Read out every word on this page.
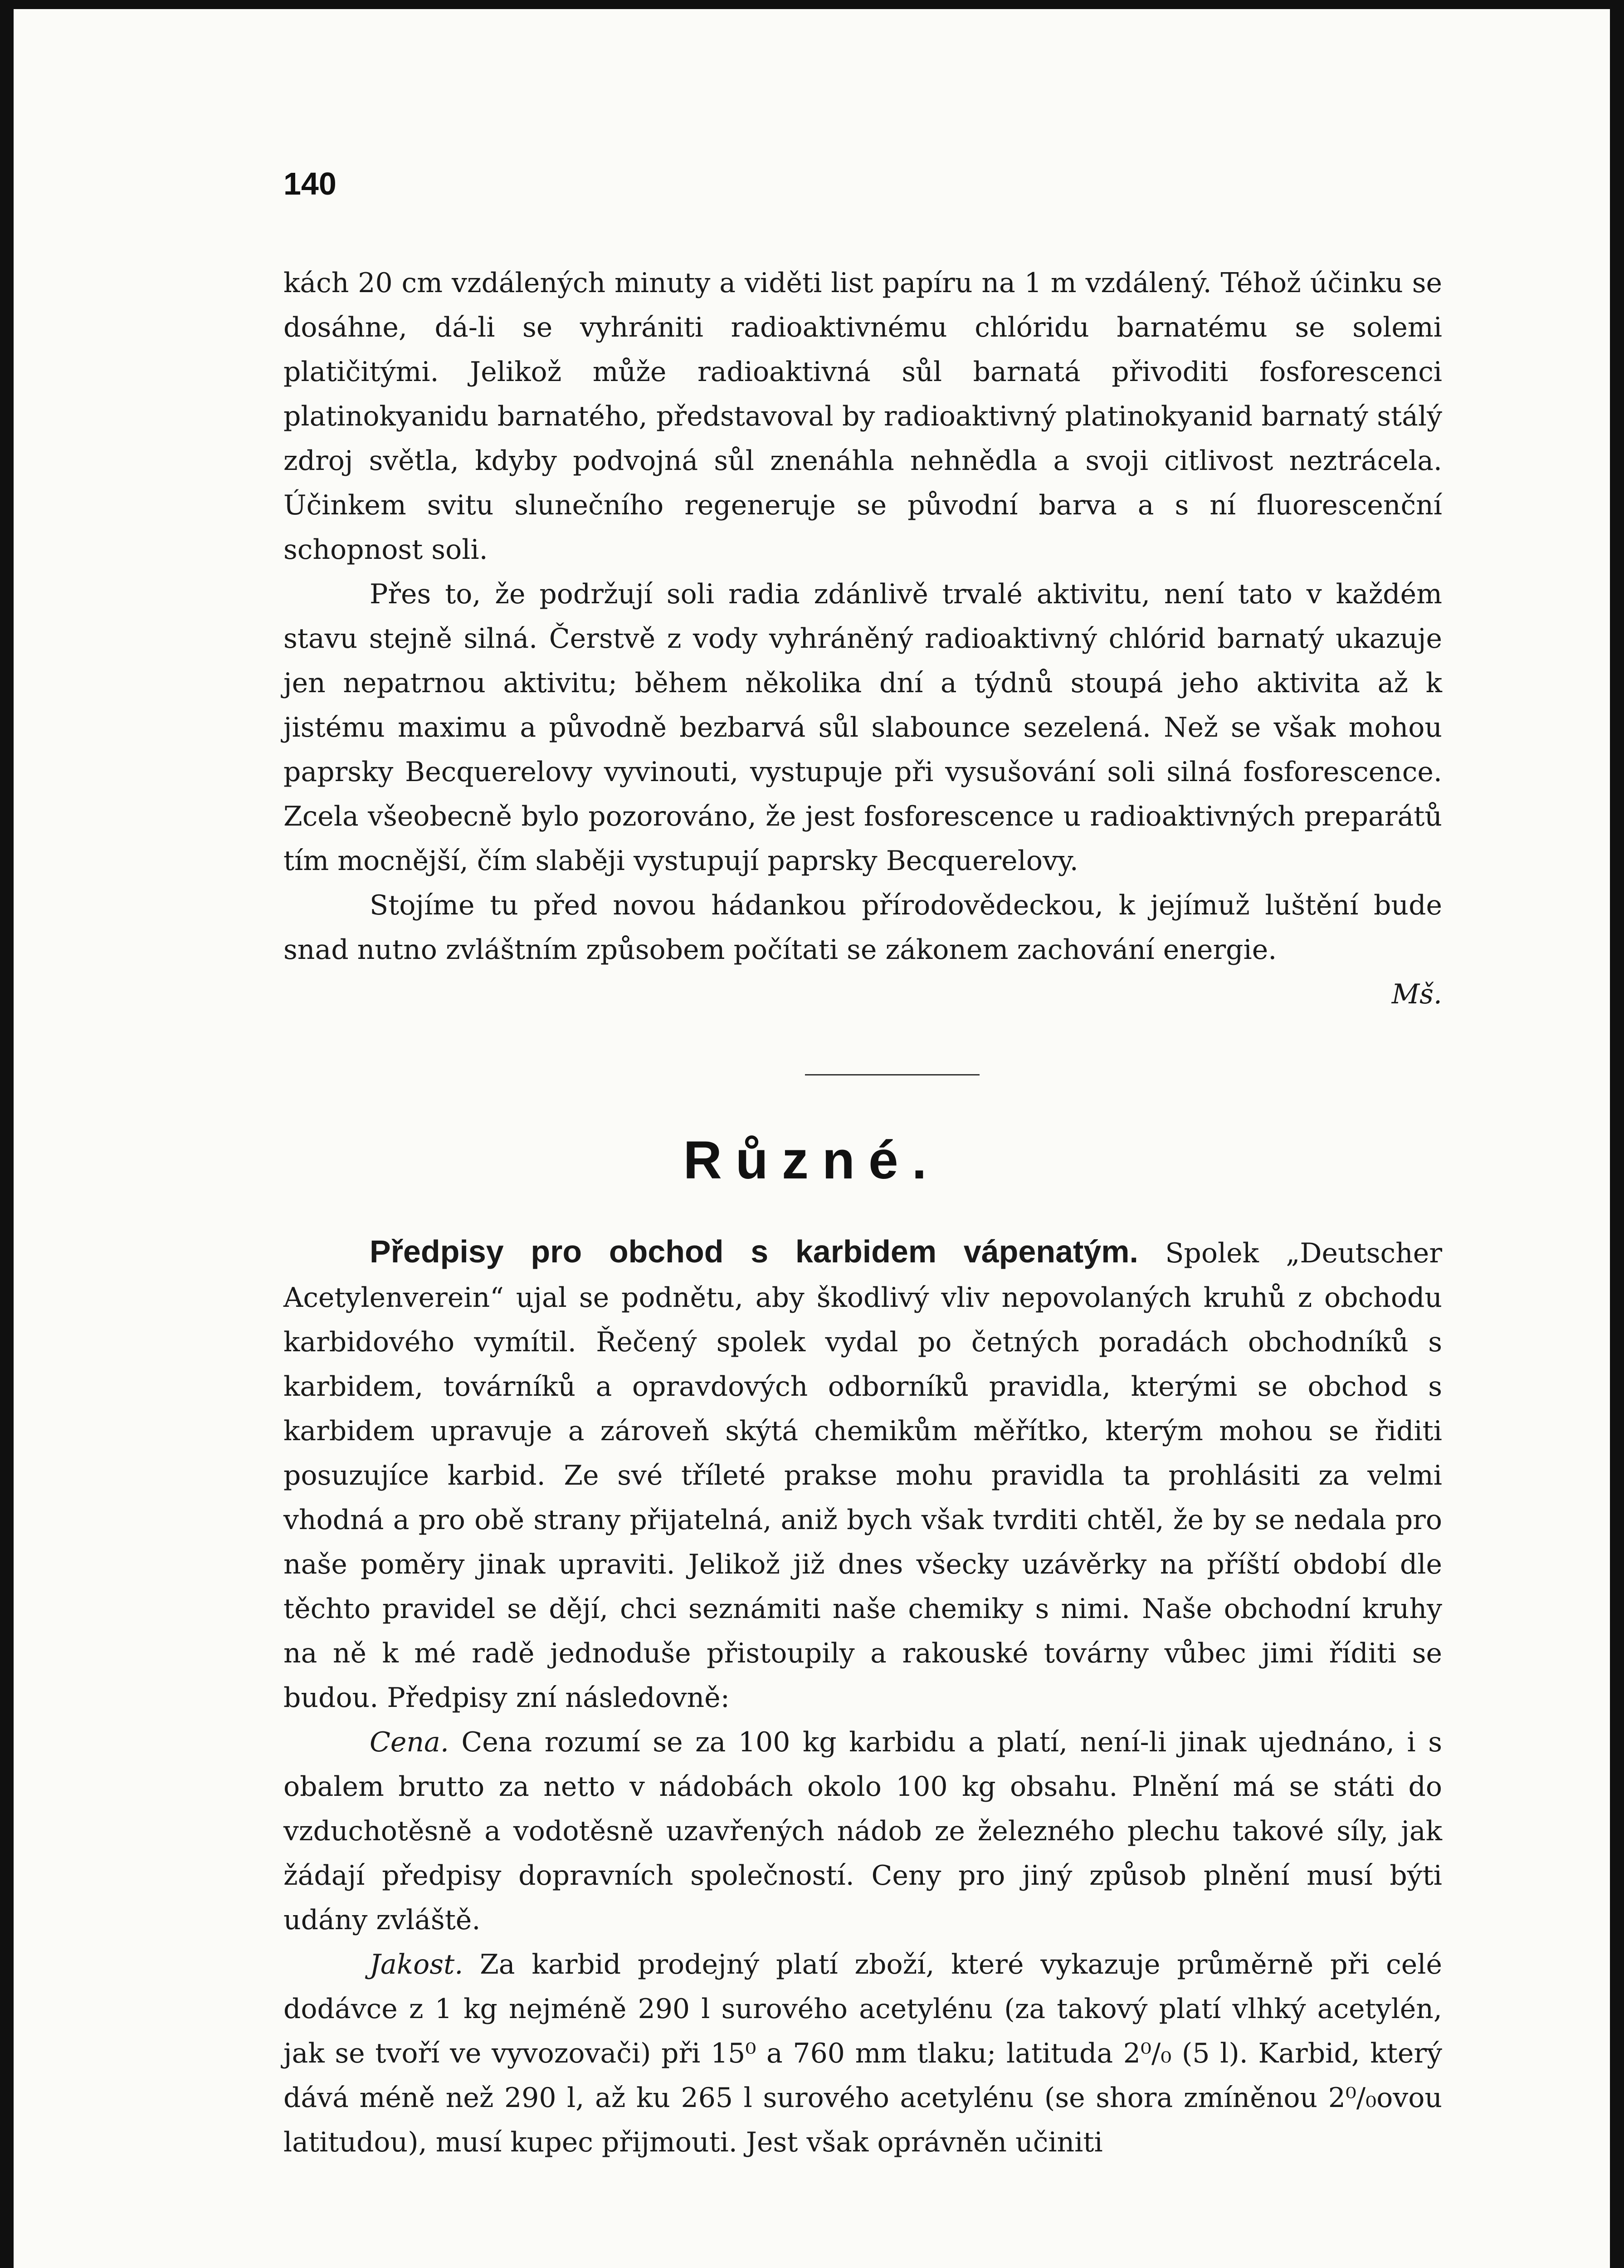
140

kách 20 cm vzdálených minuty a viděti list papíru na 1 m vzdálený. Téhož účinku se dosáhne, dá-li se vyhrániti radioaktivnému chlóridu barnatému se solemi platičitými. Jelikož může radioaktivná sůl barnatá přivoditi fosforescenci platinokyanidu barnatého, představoval by radioaktivný platinokyanid barnatý stálý zdroj světla, kdyby podvojná sůl znenáhla nehnědla a svoji citlivost neztrácela. Účinkem svitu slunečního regeneruje se původní barva a s ní fluorescenční schopnost soli.

Přes to, že podržují soli radia zdánlivě trvalé aktivitu, není tato v každém stavu stejně silná. Čerstvě z vody vyhráněný radioaktivný chlórid barnatý ukazuje jen nepatrnou aktivitu; během několika dní a týdnů stoupá jeho aktivita až k jistému maximu a původně bezbarvá sůl slabounce sezelená. Než se však mohou paprsky Becquerelovy vyvinouti, vystupuje při vysušování soli silná fosforescence. Zcela všeobecně bylo pozorováno, že jest fosforescence u radioaktivných preparátů tím mocnější, čím slaběji vystupují paprsky Becquerelovy.

Stojíme tu před novou hádankou přírodovědeckou, k jejímuž luštění bude snad nutno zvláštním způsobem počítati se zákonem zachování energie.

Mš.

Různé.

Předpisy pro obchod s karbidem vápenatým. Spolek „Deutscher Acetylenverein“ ujal se podnětu, aby škodlivý vliv nepovolaných kruhů z obchodu karbidového vymítil. Řečený spolek vydal po četných poradách obchodníků s karbidem, továrníků a opravdových odborníků pravidla, kterými se obchod s karbidem upravuje a zároveň skýtá chemikům měřítko, kterým mohou se řiditi posuzujíce karbid. Ze své tříleté prakse mohu pravidla ta prohlásiti za velmi vhodná a pro obě strany přijatelná, aniž bych však tvrditi chtěl, že by se nedala pro naše poměry jinak upraviti. Jelikož již dnes všecky uzávěrky na příští období dle těchto pravidel se dějí, chci seznámiti naše chemiky s nimi. Naše obchodní kruhy na ně k mé radě jednoduše přistoupily a rakouské továrny vůbec jimi říditi se budou. Předpisy zní následovně:

Cena. Cena rozumí se za 100 kg karbidu a platí, není-li jinak ujednáno, i s obalem brutto za netto v nádobách okolo 100 kg obsahu. Plnění má se státi do vzduchotěsně a vodotěsně uzavřených nádob ze železného plechu takové síly, jak žádají předpisy dopravních společností. Ceny pro jiný způsob plnění musí býti udány zvláště.

Jakost. Za karbid prodejný platí zboží, které vykazuje průměrně při celé dodávce z 1 kg nejméně 290 l surového acetylénu (za takový platí vlhký acetylén, jak se tvoří ve vyvozovači) při 15⁰ a 760 mm tlaku; latituda 2⁰/₀ (5 l). Karbid, který dává méně než 290 l, až ku 265 l surového acetylénu (se shora zmíněnou 2⁰/₀ovou latitudou), musí kupec přijmouti. Jest však oprávněn učiniti
